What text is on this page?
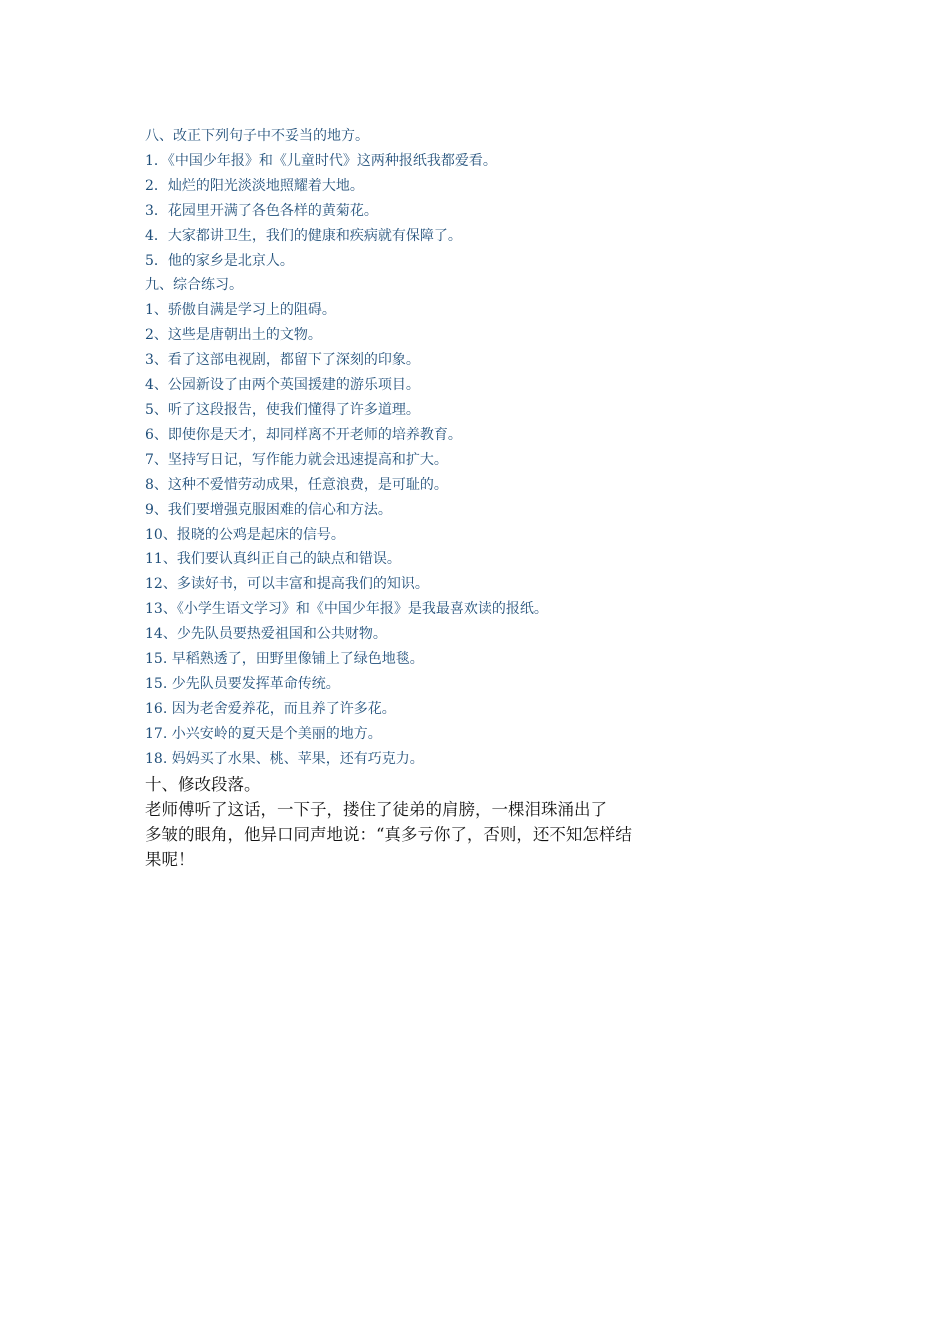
八、改正下列句子中不妥当的地方。
1．《中国少年报》和《儿童时代》这两种报纸我都爱看。
2．灿烂的阳光淡淡地照耀着大地。
3．花园里开满了各色各样的黄菊花。
4．大家都讲卫生，我们的健康和疾病就有保障了。
5．他的家乡是北京人。
九、综合练习。
1、骄傲自满是学习上的阻碍。
2、这些是唐朝出土的文物。
3、看了这部电视剧，都留下了深刻的印象。
4、公园新设了由两个英国援建的游乐项目。
5、听了这段报告，使我们懂得了许多道理。
6、即使你是天才，却同样离不开老师的培养教育。
7、坚持写日记，写作能力就会迅速提高和扩大。
8、这种不爱惜劳动成果，任意浪费，是可耻的。
9、我们要增强克服困难的信心和方法。
10、报晓的公鸡是起床的信号。
11、我们要认真纠正自己的缺点和错误。
12、多读好书，可以丰富和提高我们的知识。
13、《小学生语文学习》和《中国少年报》是我最喜欢读的报纸。
14、少先队员要热爱祖国和公共财物。
15. 早稻熟透了，田野里像铺上了绿色地毯。
15. 少先队员要发挥革命传统。
16. 因为老舍爱养花，而且养了许多花。
17. 小兴安岭的夏天是个美丽的地方。
18. 妈妈买了水果、桃、苹果，还有巧克力。
十、修改段落。
老师傅听了这话，一下子，搂住了徒弟的肩膀，一棵泪珠涌出了
多皱的眼角，他异口同声地说：“真多亏你了，否则，还不知怎样结
果呢！
